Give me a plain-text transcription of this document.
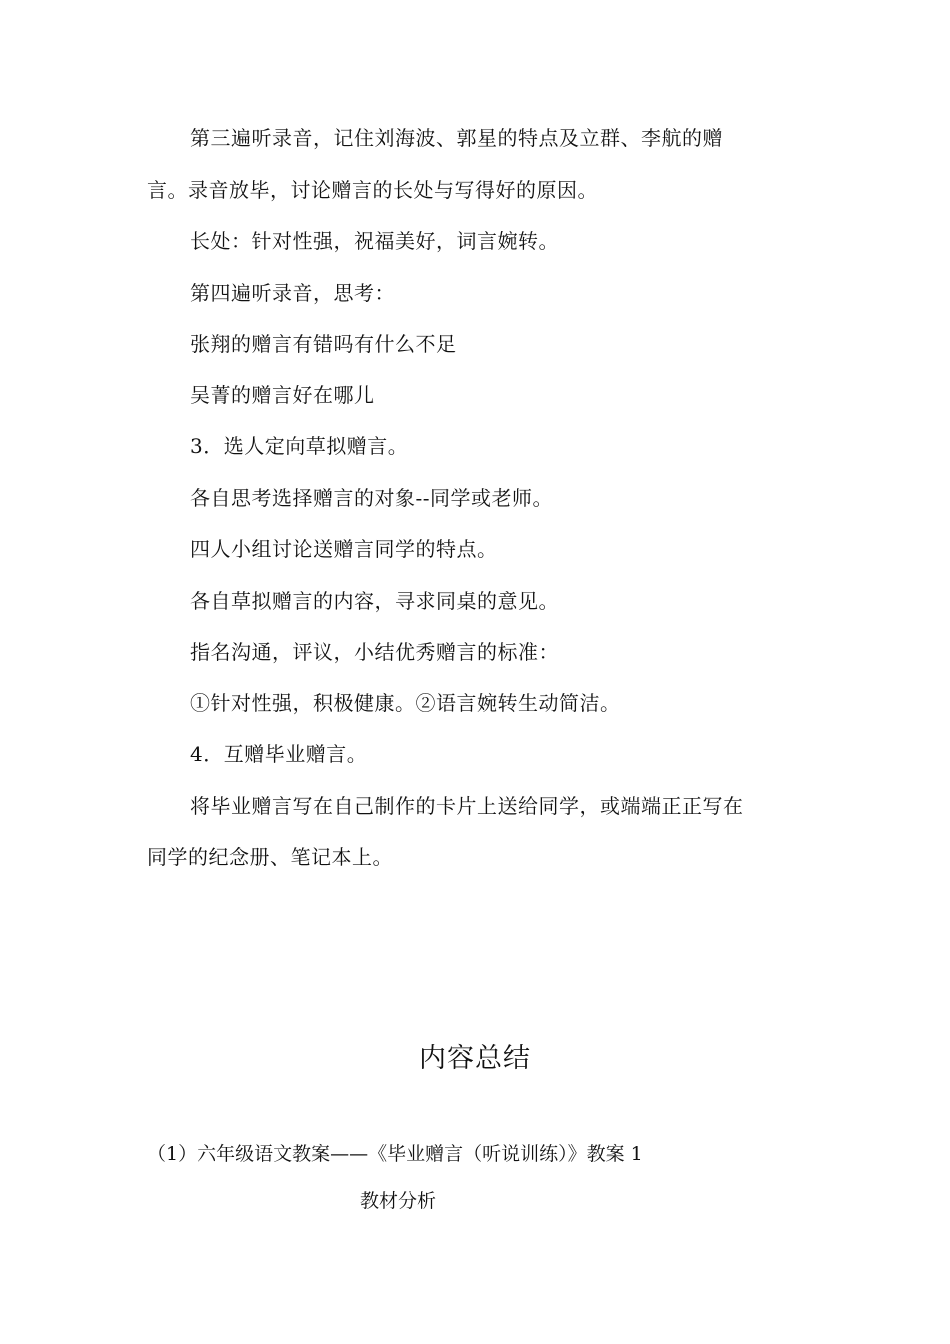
第三遍听录音，记住刘海波、郭星的特点及立群、李航的赠
言。录音放毕，讨论赠言的长处与写得好的原因。
长处：针对性强，祝福美好，词言婉转。
第四遍听录音，思考：
张翔的赠言有错吗有什么不足
吴菁的赠言好在哪儿
3．选人定向草拟赠言。
各自思考选择赠言的对象--同学或老师。
四人小组讨论送赠言同学的特点。
各自草拟赠言的内容，寻求同桌的意见。
指名沟通，评议，小结优秀赠言的标准：
①针对性强，积极健康。②语言婉转生动简洁。
4．互赠毕业赠言。
将毕业赠言写在自己制作的卡片上送给同学，或端端正正写在
同学的纪念册、笔记本上。
内容总结
（1）六年级语文教案——《毕业赠言（听说训练）》教案 1
教材分析
